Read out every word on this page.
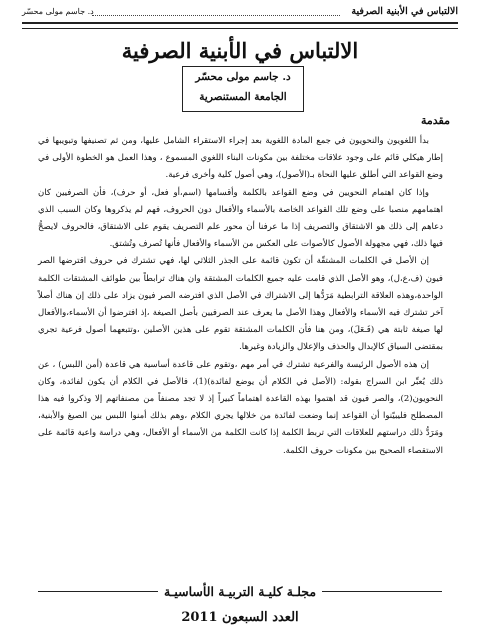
الالتباس في الأبنية الصرفية
د. جاسم مولى محسّر
الالتباس في الأبنية الصرفية
د. جاسم مولى محسّر
الجامعة المستنصرية
مقدمة

بدأ اللغويون والنحويون في جمع المادة اللغوية بعد إجراء الاستقراء الشامل عليها، ومن ثم تصنيفها وتبويبها في إطار هيكلي قائم على وجود علاقات مختلفة بين مكونات البناء اللغوي المسموع ، وهذا العمل هو الخطوة الأولى في وضع القواعد التي أطلق عليها النحاة بـ(الأصول)، وهي أصول كلية وأخرى فرعية.

وإذا كان اهتمام النحويين في وضع القواعد بالكلمة وأقسامها (اسم،أو فعل، أو حرف)، فأن الصرفيين كان اهتمامهم منصبا على وضع تلك القواعد الخاصة بالأسماء والأفعال دون الحروف، فهم لم يذكروها وكان السبب الذي دعاهم إلى ذلك هو الاشتقاق والتصريف إذا ما عرفنا أن محور علم التصريف يقوم على الاشتقاق، فالحروف لايصحُّ فيها ذلك، فهي مجهولة الأصول كالأصوات على العكس من الأسماء والأفعال فأنها تُصرف وتُشتق.

إن الأصل في الكلمات المشتقّة أن تكون قائمة على الجذر الثلاثي لها، فهي تشترك في حروف اقترضها الصر فيون (ف،ع،ل)، وهو الأصل الذي قامت عليه جميع الكلمات المشتقة وان هناك ترابطاً بين طوائف المشتقات الكلمة الواحدة،وهذه العلاقة الترابطية مَرَدُّها إلى الاشتراك في الأصل الذي افترضه الصر فيون يزاد على ذلك إن هناك أصلاً آخر تشترك فيه الأسماء والأفعال وهذا الأصل ما يعرف عند الصرفيين بأصل الصيغة ،إذ افترضوا أن الأسماء،والأفعال لها صيغة ثابتة هي (فَـعَلَ)، ومن هنا فأن الكلمات المشتقة تقوم على هذين الأصلين ،وتتبعهما أصول فرعية تجري بمقتضى السياق كالإبدال والحذف والإعلال والزيادة وغيرها.

إن هذه الأصول الرئيسة والفرعية تشترك في أمر مهم ،وتقوم على قاعدة أساسية هي قاعدة (أمن اللبس) ، عن ذلك يُعبِّر ابن السراج بقوله: (الأصل في الكلام أن يوضع لفائدة)(1)، فالأصل في الكلام أن يكون لفائدة، وكان النحويون(2)، والصر فيون قد اهتموا بهذه القاعدة اهتماماً كبيراً إذ لا تجد مصنفاً من مصنفاتهم إلا وذكروا فيه هذا المصطلح فليبيّنوا أن القواعد إنما وضعت لفائدة من خلالها يجري الكلام ،وهم بذلك أمنوا اللبس بين الصيغ والأبنية، ومَرَدُّ ذلك دراستهم للعلاقات التي تربط الكلمة إذا كانت الكلمة من الأسماء أو الأفعال، وهي دراسة واعية قائمة على الاستقصاء الصحيح بين مكونات حروف الكلمة.

مجلـة كليـة التربيـة الأساسيـة
العدد السبعون 2011
